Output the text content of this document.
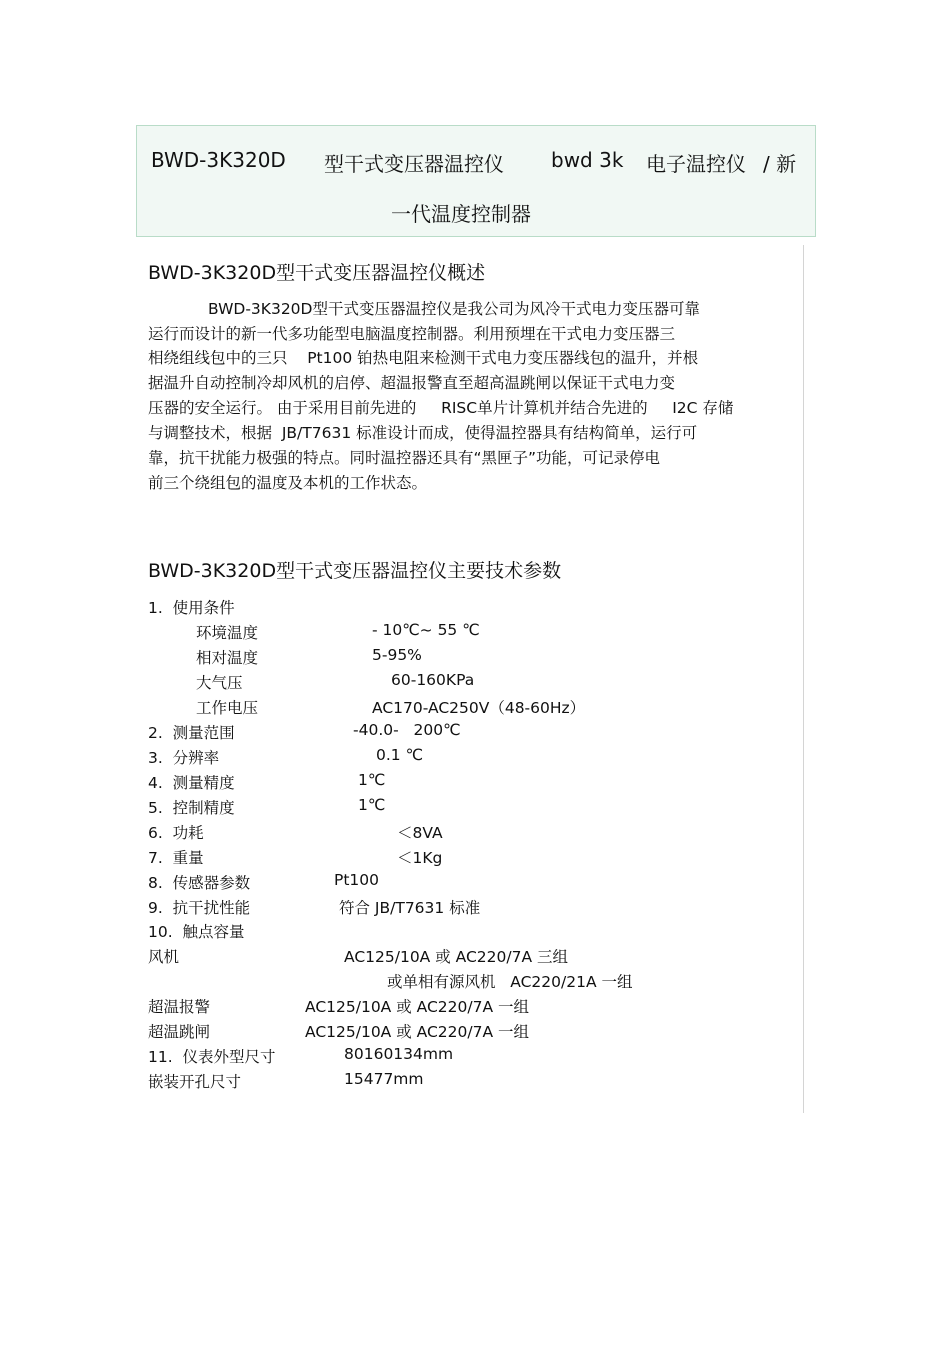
BWD-3K320D 型干式变压器温控仪 bwd 3k 电子温控仪 / 新
一代温度控制器
BWD-3K320D型干式变压器温控仪概述
BWD-3K320D型干式变压器温控仪是我公司为风冷干式电力变压器可靠
运行而设计的新一代多功能型电脑温度控制器。利用预埋在干式电力变压器三
相绕组线包中的三只    Pt100 铂热电阻来检测干式电力变压器线包的温升，并根
据温升自动控制冷却风机的启停、超温报警直至超高温跳闸以保证干式电力变
压器的安全运行。 由于采用目前先进的     RISC单片计算机并结合先进的     I2C 存储
与调整技术，根据  JB/T7631 标准设计而成，使得温控器具有结构简单，运行可
靠，抗干扰能力极强的特点。同时温控器还具有“黑匣子”功能，可记录停电
前三个绕组包的温度及本机的工作状态。
BWD-3K320D型干式变压器温控仪主要技术参数
1.  使用条件
环境温度	- 10℃~ 55 ℃
相对温度	5-95%
大气压	60-160KPa
工作电压	AC170-AC250V（48-60Hz）
2.  测量范围	-40.0-   200℃
3.  分辨率	0.1 ℃
4.  测量精度	1℃
5.  控制精度	1℃
6.  功耗	＜8VA
7.  重量	＜1Kg
8.  传感器参数	Pt100
9.  抗干扰性能	符合 JB/T7631 标准
10.  触点容量
风机	AC125/10A 或 AC220/7A 三组
或单相有源风机   AC220/21A 一组
超温报警	AC125/10A 或 AC220/7A 一组
超温跳闸	AC125/10A 或 AC220/7A 一组
11.  仪表外型尺寸	80160134mm
嵌装开孔尺寸	15477mm
